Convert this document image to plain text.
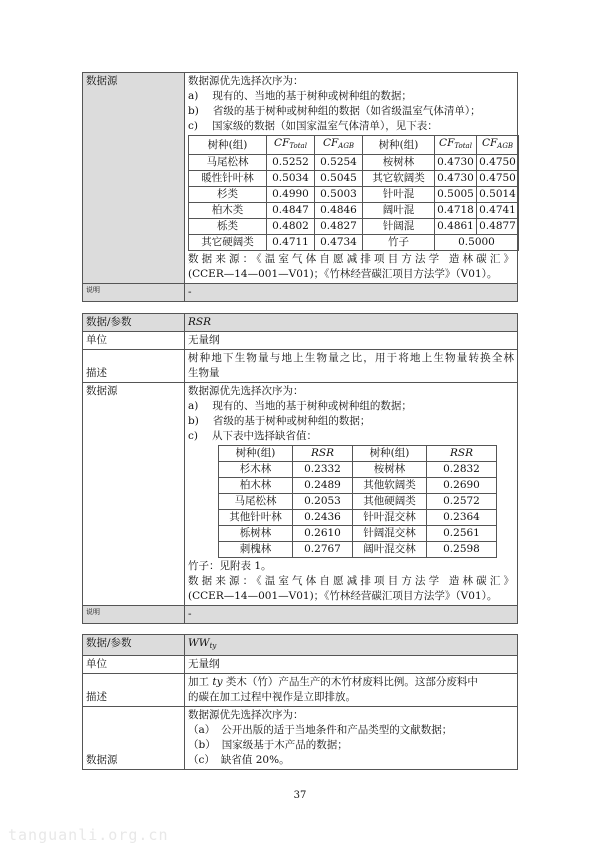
数据源	数据源优先选择次序为：
a) 现有的、当地的基于树种或树种组的数据；
b) 省级的基于树种或树种组的数据（如省级温室气体清单）；
c) 国家级的数据（如国家温室气体清单），见下表：
树种(组)	$CF_{Total}$	$CF_{AGB}$	树种(组)	$CF_{Total}$	$CF_{AGB}$
马尾松林	0.5252	0.5254	桉树林	0.4730	0.4750
暖性针叶林	0.5034	0.5045	其它软阔类	0.4730	0.4750
杉类	0.4990	0.5003	针叶混	0.5005	0.5014
柏木类	0.4847	0.4846	阔叶混	0.4718	0.4741
栎类	0.4802	0.4827	针阔混	0.4861	0.4877
其它硬阔类	0.4711	0.4734	竹子	0.5000
数据来源：《温室气体自愿减排项目方法学 造林碳汇》
(CCER—14—001—V01)；《竹林经营碳汇项目方法学》（V01）。

说明	-
数据/参数	RSR
单位	无量纲
描述	
树种地下生物量与地上生物量之比，用于将地上生物量转换全林
生物量

数据源	数据源优先选择次序为：
a) 现有的、当地的基于树种或树种组的数据；
b) 省级的基于树种或树种组的数据；
c) 从下表中选择缺省值：
树种(组)	RSR	树种(组)	RSR
杉木林	0.2332	桉树林	0.2832
柏木林	0.2489	其他软阔类	0.2690
马尾松林	0.2053	其他硬阔类	0.2572
其他针叶林	0.2436	针叶混交林	0.2364
栎树林	0.2610	针阔混交林	0.2561
刺槐林	0.2767	阔叶混交林	0.2598
竹子：见附表 1。
数据来源：《温室气体自愿减排项目方法学 造林碳汇》
(CCER—14—001—V01)；《竹林经营碳汇项目方法学》（V01）。

说明	-
数据/参数	$WW_{ty}$
单位	无量纲
描述	加工 ty 类木（竹）产品生产的木竹材废料比例。这部分废料中
的碳在加工过程中视作是立即排放。

数据源	数据源优先选择次序为：
（a） 公开出版的适于当地条件和产品类型的文献数据；
（b） 国家级基于木产品的数据；
（c） 缺省值 20%。
37
tanguanli.org.cn
